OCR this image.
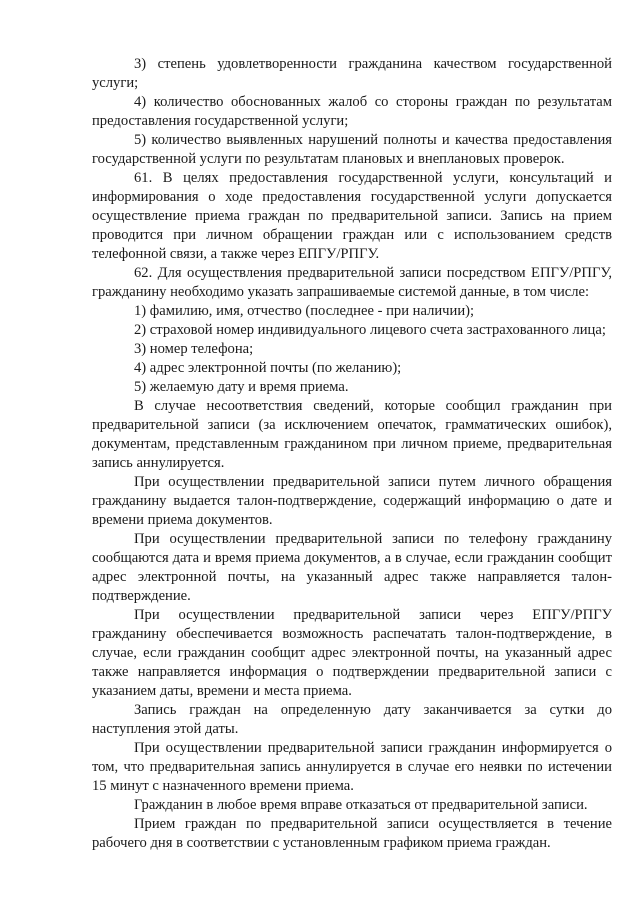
3) степень удовлетворенности гражданина качеством государственной услуги;

4) количество обоснованных жалоб со стороны граждан по результатам предоставления государственной услуги;

5) количество выявленных нарушений полноты и качества предоставления государственной услуги по результатам плановых и внеплановых проверок.

61. В целях предоставления государственной услуги, консультаций и информирования о ходе предоставления государственной услуги допускается осуществление приема граждан по предварительной записи. Запись на прием проводится при личном обращении граждан или с использованием средств телефонной связи, а также через ЕПГУ/РПГУ.

62. Для осуществления предварительной записи посредством ЕПГУ/РПГУ, гражданину необходимо указать запрашиваемые системой данные, в том числе:

1) фамилию, имя, отчество (последнее - при наличии);

2) страховой номер индивидуального лицевого счета застрахованного лица;

3) номер телефона;

4) адрес электронной почты (по желанию);

5) желаемую дату и время приема.

В случае несоответствия сведений, которые сообщил гражданин при предварительной записи (за исключением опечаток, грамматических ошибок), документам, представленным гражданином при личном приеме, предварительная запись аннулируется.

При осуществлении предварительной записи путем личного обращения гражданину выдается талон-подтверждение, содержащий информацию о дате и времени приема документов.

При осуществлении предварительной записи по телефону гражданину сообщаются дата и время приема документов, а в случае, если гражданин сообщит адрес электронной почты, на указанный адрес также направляется талон-подтверждение.

При осуществлении предварительной записи через ЕПГУ/РПГУ гражданину обеспечивается возможность распечатать талон-подтверждение, в случае, если гражданин сообщит адрес электронной почты, на указанный адрес также направляется информация о подтверждении предварительной записи с указанием даты, времени и места приема.

Запись граждан на определенную дату заканчивается за сутки до наступления этой даты.

При осуществлении предварительной записи гражданин информируется о том, что предварительная запись аннулируется в случае его неявки по истечении 15 минут с назначенного времени приема.

Гражданин в любое время вправе отказаться от предварительной записи.

Прием граждан по предварительной записи осуществляется в течение рабочего дня в соответствии с установленным графиком приема граждан.
